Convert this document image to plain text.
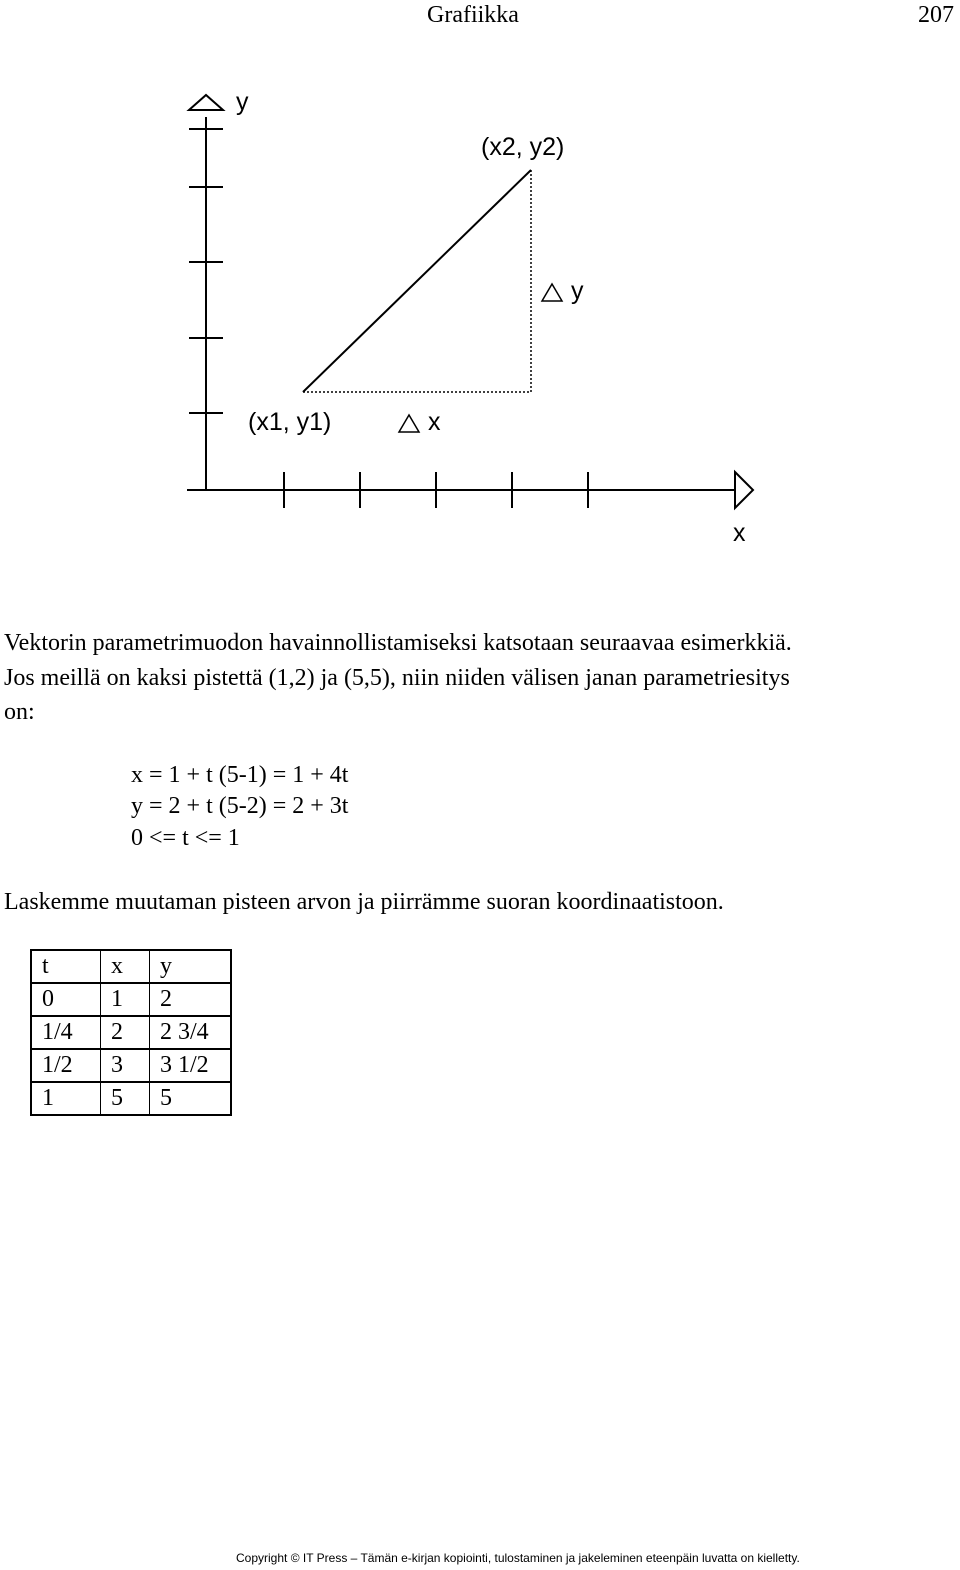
Grafiikka	207
y
x
(x2, y2)
(x1, y1)
y
x
Vektorin parametrimuodon havainnollistamiseksi katsotaan seuraavaa esimerkkiä.
Jos meillä on kaksi pistettä (1,2) ja (5,5), niin niiden välisen janan parametriesitys
on:
x = 1 + t (5-1) = 1 + 4t
y = 2 + t (5-2) = 2 + 3t
0 <= t <= 1
Laskemme muutaman pisteen arvon ja piirrämme suoran koordinaatistoon.
t	x	y
0	1	2
1/4	2	2 3/4
1/2	3	3 1/2
1	5	5
Copyright © IT Press – Tämän e-kirjan kopiointi, tulostaminen ja jakeleminen eteenpäin luvatta on kielletty.
